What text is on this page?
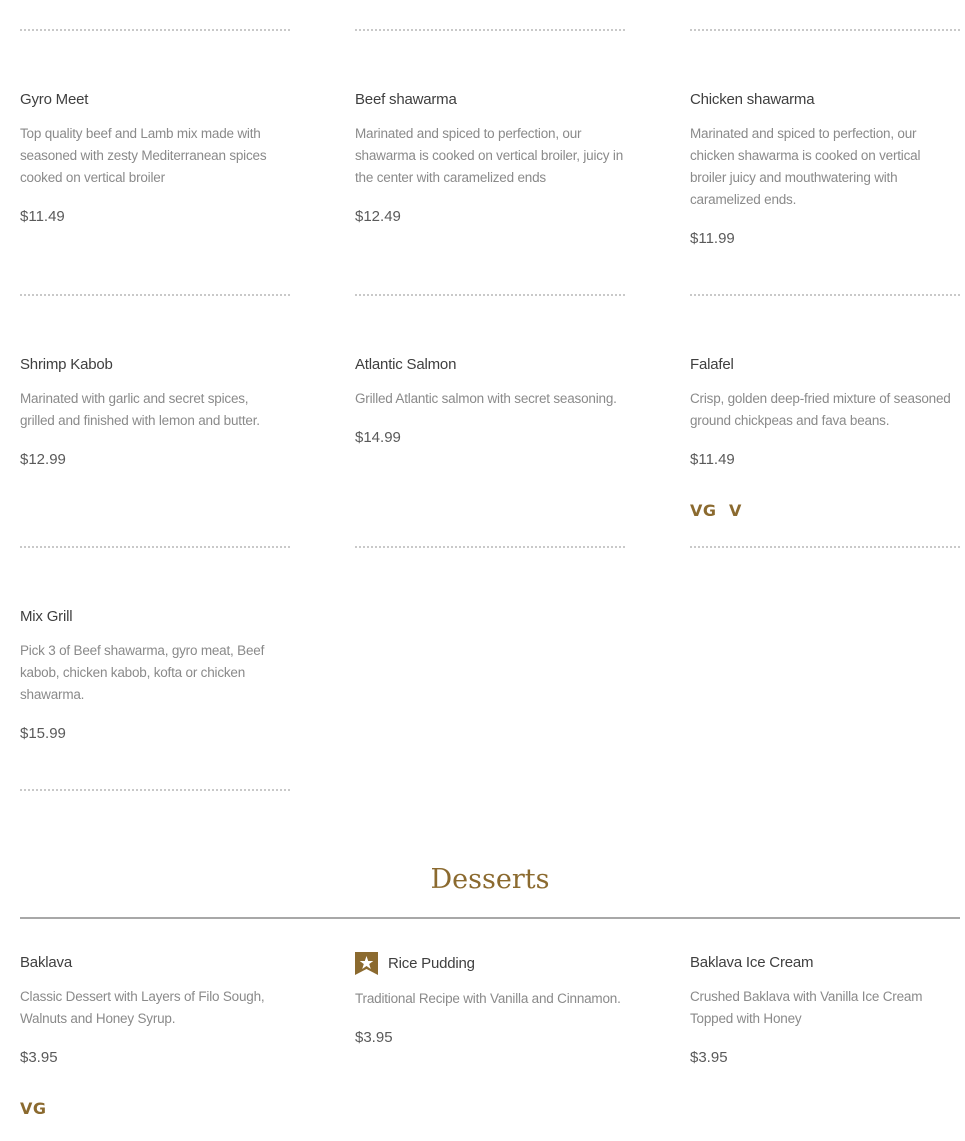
Gyro Meet
Top quality beef and Lamb mix made with seasoned with zesty Mediterranean spices cooked on vertical broiler
$11.49
Beef shawarma
Marinated and spiced to perfection, our shawarma is cooked on vertical broiler, juicy in the center with caramelized ends
$12.49
Chicken shawarma
Marinated and spiced to perfection, our chicken shawarma is cooked on vertical broiler juicy and mouthwatering with caramelized ends.
$11.99
Shrimp Kabob
Marinated with garlic and secret spices, grilled and finished with lemon and butter.
$12.99
Atlantic Salmon
Grilled Atlantic salmon with secret seasoning.
$14.99
Falafel
Crisp, golden deep-fried mixture of seasoned ground chickpeas and fava beans.
$11.49
VG V
Mix Grill
Pick 3 of Beef shawarma, gyro meat, Beef kabob, chicken kabob, kofta or chicken shawarma.
$15.99
Desserts
Baklava
Classic Dessert with Layers of Filo Sough, Walnuts and Honey Syrup.
$3.95
VG
Rice Pudding
Traditional Recipe with Vanilla and Cinnamon.
$3.95
Baklava Ice Cream
Crushed Baklava with Vanilla Ice Cream Topped with Honey
$3.95
